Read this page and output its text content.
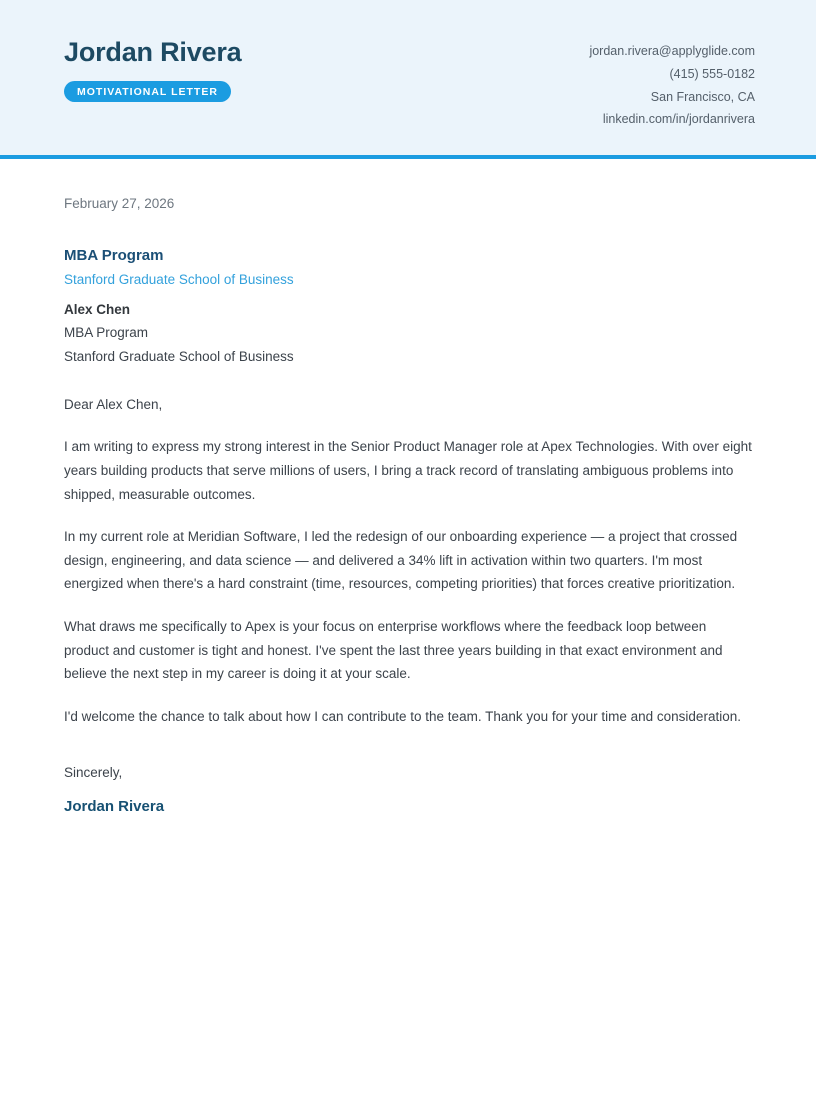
Jordan Rivera
MOTIVATIONAL LETTER
jordan.rivera@applyglide.com
(415) 555-0182
San Francisco, CA
linkedin.com/in/jordanrivera
February 27, 2026
MBA Program
Stanford Graduate School of Business
Alex Chen
MBA Program
Stanford Graduate School of Business
Dear Alex Chen,

I am writing to express my strong interest in the Senior Product Manager role at Apex Technologies. With over eight years building products that serve millions of users, I bring a track record of translating ambiguous problems into shipped, measurable outcomes.

In my current role at Meridian Software, I led the redesign of our onboarding experience — a project that crossed design, engineering, and data science — and delivered a 34% lift in activation within two quarters. I'm most energized when there's a hard constraint (time, resources, competing priorities) that forces creative prioritization.

What draws me specifically to Apex is your focus on enterprise workflows where the feedback loop between product and customer is tight and honest. I've spent the last three years building in that exact environment and believe the next step in my career is doing it at your scale.

I'd welcome the chance to talk about how I can contribute to the team. Thank you for your time and consideration.

Sincerely,
Jordan Rivera
